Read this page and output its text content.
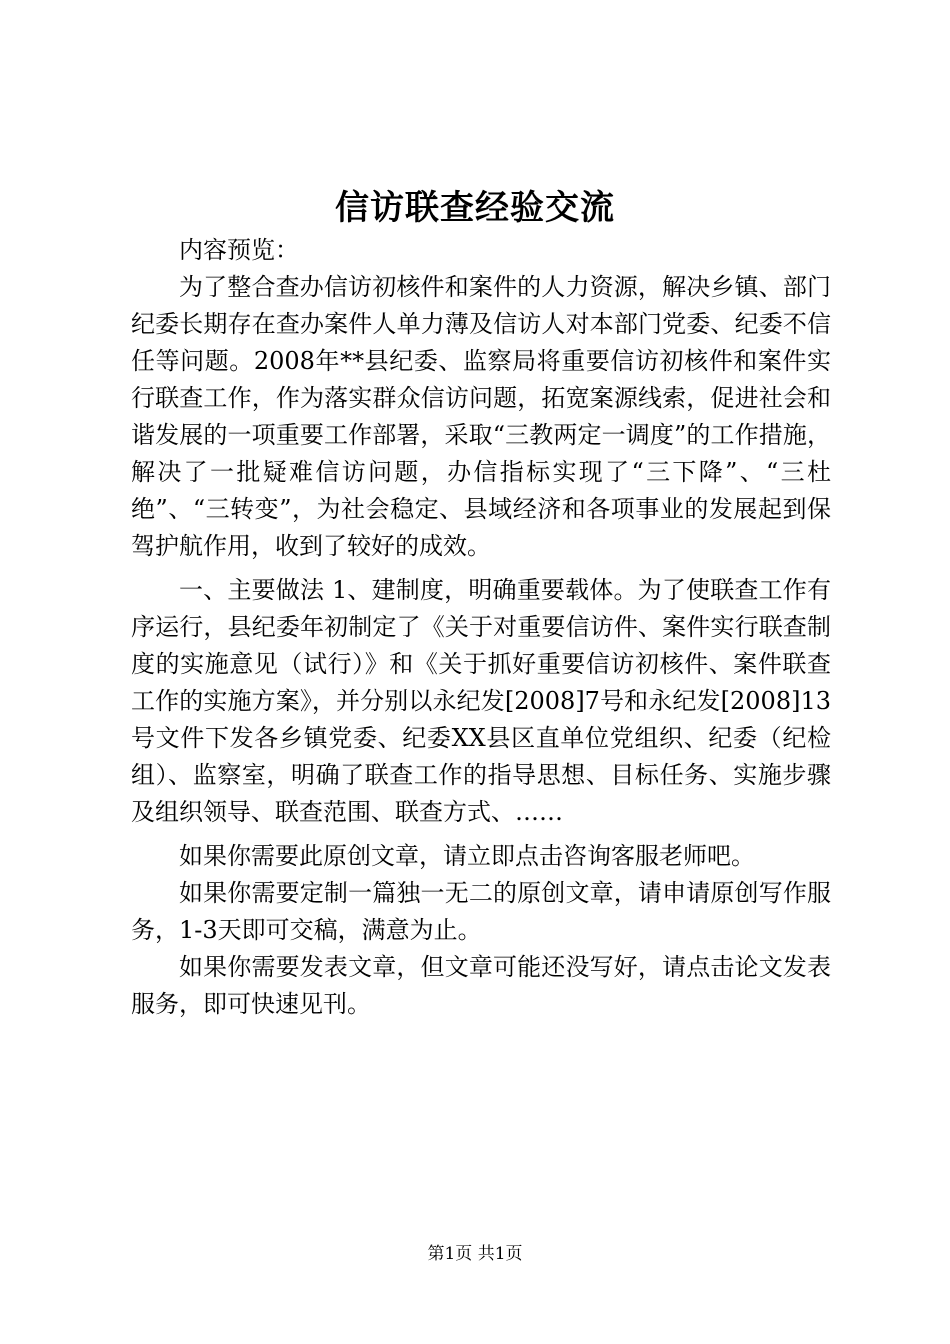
信访联查经验交流

内容预览：

为了整合查办信访初核件和案件的人力资源，解决乡镇、部门纪委长期存在查办案件人单力薄及信访人对本部门党委、纪委不信任等问题。2008年**县纪委、监察局将重要信访初核件和案件实行联查工作，作为落实群众信访问题，拓宽案源线索，促进社会和谐发展的一项重要工作部署，采取“三教两定一调度”的工作措施，解决了一批疑难信访问题，办信指标实现了“三下降”、“三杜绝”、“三转变”，为社会稳定、县域经济和各项事业的发展起到保驾护航作用，收到了较好的成效。

一、主要做法 1、建制度，明确重要载体。为了使联查工作有序运行，县纪委年初制定了《关于对重要信访件、案件实行联查制度的实施意见（试行）》和《关于抓好重要信访初核件、案件联查工作的实施方案》，并分别以永纪发[2008]7号和永纪发[2008]13号文件下发各乡镇党委、纪委XX县区直单位党组织、纪委（纪检组）、监察室，明确了联查工作的指导思想、目标任务、实施步骤及组织领导、联查范围、联查方式、……

如果你需要此原创文章，请立即点击咨询客服老师吧。

如果你需要定制一篇独一无二的原创文章，请申请原创写作服务，1-3天即可交稿，满意为止。

如果你需要发表文章，但文章可能还没写好，请点击论文发表服务，即可快速见刊。

第1页 共1页
